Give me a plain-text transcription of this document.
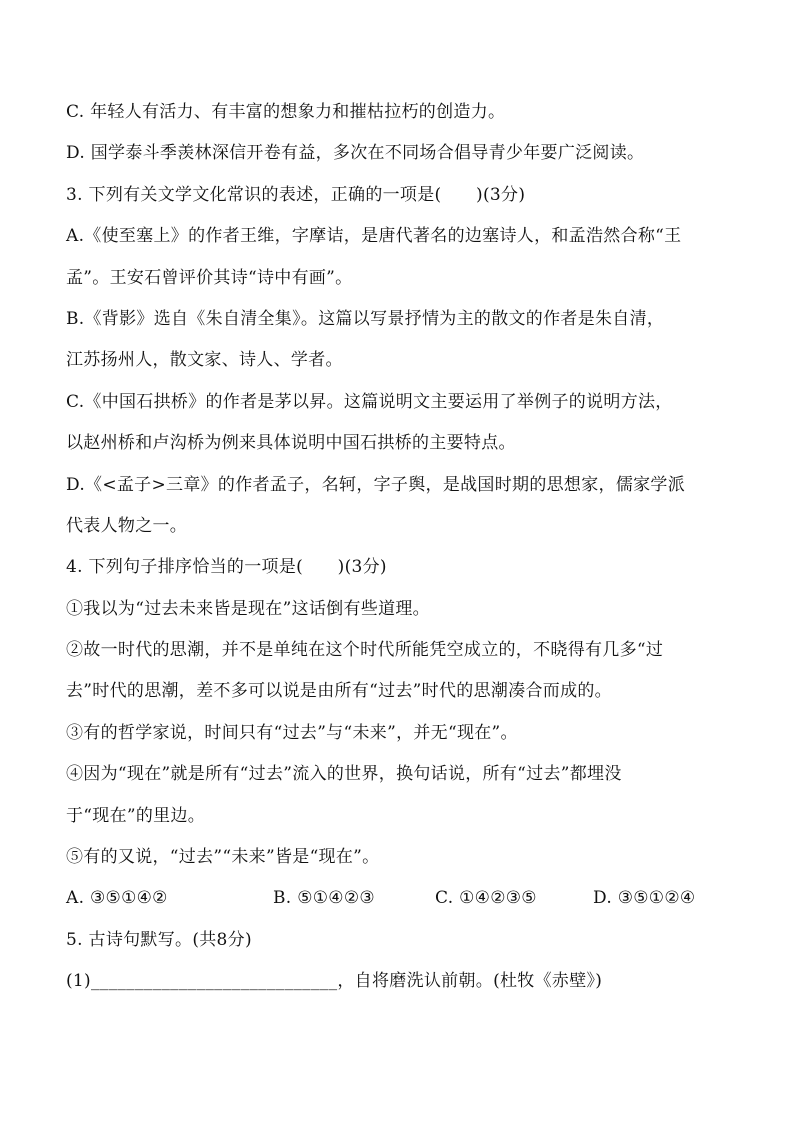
C. 年轻人有活力、有丰富的想象力和摧枯拉朽的创造力。
D. 国学泰斗季羡林深信开卷有益，多次在不同场合倡导青少年要广泛阅读。
3. 下列有关文学文化常识的表述，正确的一项是(　　)(3分)
A.《使至塞上》的作者王维，字摩诘，是唐代著名的边塞诗人，和孟浩然合称“王
孟”。王安石曾评价其诗“诗中有画”。
B.《背影》选自《朱自清全集》。这篇以写景抒情为主的散文的作者是朱自清，
江苏扬州人，散文家、诗人、学者。
C.《中国石拱桥》的作者是茅以昇。这篇说明文主要运用了举例子的说明方法，
以赵州桥和卢沟桥为例来具体说明中国石拱桥的主要特点。
D.《<孟子>三章》的作者孟子，名轲，字子舆，是战国时期的思想家，儒家学派
代表人物之一。
4. 下列句子排序恰当的一项是(　　)(3分)
①我以为“过去未来皆是现在”这话倒有些道理。
②故一时代的思潮，并不是单纯在这个时代所能凭空成立的，不晓得有几多“过
去”时代的思潮，差不多可以说是由所有“过去”时代的思潮凑合而成的。
③有的哲学家说，时间只有“过去”与“未来”，并无“现在”。
④因为“现在”就是所有“过去”流入的世界，换句话说，所有“过去”都埋没
于“现在”的里边。
⑤有的又说，“过去”“未来”皆是“现在”。
A. ③⑤①④②	B. ⑤①④②③	C. ①④②③⑤	D. ③⑤①②④
5. 古诗句默写。(共8分)
(1)____________________________，自将磨洗认前朝。(杜牧《赤壁》)
